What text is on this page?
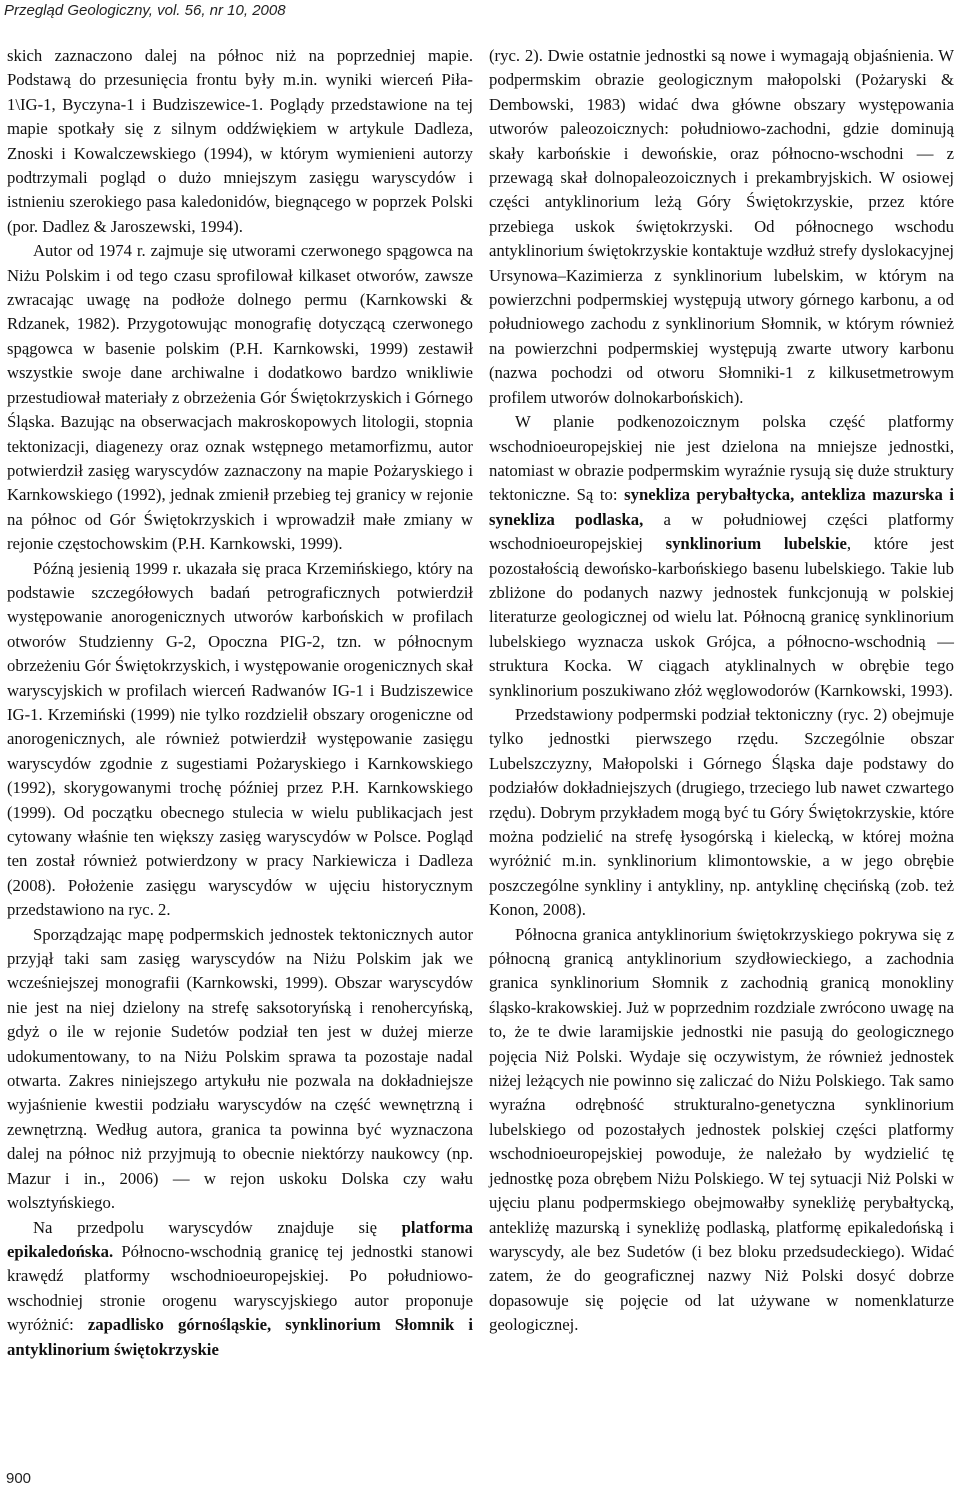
Przegląd Geologiczny, vol. 56, nr 10, 2008

skich zaznaczono dalej na północ niż na poprzedniej mapie. Podstawą do przesunięcia frontu były m.in. wyniki wierceń Piła-1\IG-1, Byczyna-1 i Budziszewice-1. Poglądy przedstawione na tej mapie spotkały się z silnym oddźwiękiem w artykule Dadleza, Znoski i Kowalczewskiego (1994), w którym wymienieni autorzy podtrzymali pogląd o dużo mniejszym zasięgu waryscydów i istnieniu szerokiego pasa kaledonidów, biegnącego w poprzek Polski (por. Dadlez & Jaroszewski, 1994).

Autor od 1974 r. zajmuje się utworami czerwonego spągowca na Niżu Polskim i od tego czasu sprofilował kilkaset otworów, zawsze zwracając uwagę na podłoże dolnego permu (Karnkowski & Rdzanek, 1982). Przygotowując monografię dotyczącą czerwonego spągowca w basenie polskim (P.H. Karnkowski, 1999) zestawił wszystkie swoje dane archiwalne i dodatkowo bardzo wnikliwie przestudiował materiały z obrzeżenia Gór Świętokrzyskich i Górnego Śląska. Bazując na obserwacjach makroskopowych litologii, stopnia tektonizacji, diagenezy oraz oznak wstępnego metamorfizmu, autor potwierdził zasięg waryscydów zaznaczony na mapie Pożaryskiego i Karnkowskiego (1992), jednak zmienił przebieg tej granicy w rejonie na północ od Gór Świętokrzyskich i wprowadził małe zmiany w rejonie częstochowskim (P.H. Karnkowski, 1999).

Późną jesienią 1999 r. ukazała się praca Krzemińskiego, który na podstawie szczegółowych badań petrograficznych potwierdził występowanie anorogenicznych utworów karbońskich w profilach otworów Studzienny G-2, Opoczna PIG-2, tzn. w północnym obrzeżeniu Gór Świętokrzyskich, i występowanie orogenicznych skał waryscyjskich w profilach wierceń Radwanów IG-1 i Budziszewice IG-1. Krzemiński (1999) nie tylko rozdzielił obszary orogeniczne od anorogenicznych, ale również potwierdził występowanie zasięgu waryscydów zgodnie z sugestiami Pożaryskiego i Karnkowskiego (1992), skorygowanymi trochę później przez P.H. Karnkowskiego (1999). Od początku obecnego stulecia w wielu publikacjach jest cytowany właśnie ten większy zasięg waryscydów w Polsce. Pogląd ten został również potwierdzony w pracy Narkiewicza i Dadleza (2008). Położenie zasięgu waryscydów w ujęciu historycznym przedstawiono na ryc. 2.

Sporządzając mapę podpermskich jednostek tektonicznych autor przyjął taki sam zasięg waryscydów na Niżu Polskim jak we wcześniejszej monografii (Karnkowski, 1999). Obszar waryscydów nie jest na niej dzielony na strefę saksotoryńską i renohercyńską, gdyż o ile w rejonie Sudetów podział ten jest w dużej mierze udokumentowany, to na Niżu Polskim sprawa ta pozostaje nadal otwarta. Zakres niniejszego artykułu nie pozwala na dokładniejsze wyjaśnienie kwestii podziału waryscydów na część wewnętrzną i zewnętrzną. Według autora, granica ta powinna być wyznaczona dalej na północ niż przyjmują to obecnie niektórzy naukowcy (np. Mazur i in., 2006) — w rejon uskoku Dolska czy wału wolsztyńskiego.

Na przedpolu waryscydów znajduje się platforma epikaledońska. Północno-wschodnią granicę tej jednostki stanowi krawędź platformy wschodnioeuropejskiej. Po południowo-wschodniej stronie orogenu waryscyjskiego autor proponuje wyróżnić: zapadlisko górnośląskie, synklinorium Słomnik i antyklinorium świętokrzyskie

(ryc. 2). Dwie ostatnie jednostki są nowe i wymagają objaśnienia. W podpermskim obrazie geologicznym małopolski (Pożaryski & Dembowski, 1983) widać dwa główne obszary występowania utworów paleozoicznych: południowo-zachodni, gdzie dominują skały karbońskie i dewońskie, oraz północno-wschodni — z przewagą skał dolnopaleozoicznych i prekambryjskich. W osiowej części antyklinorium leżą Góry Świętokrzyskie, przez które przebiega uskok świętokrzyski. Od północnego wschodu antyklinorium świętokrzyskie kontaktuje wzdłuż strefy dyslokacyjnej Ursynowa–Kazimierza z synklinorium lubelskim, w którym na powierzchni podpermskiej występują utwory górnego karbonu, a od południowego zachodu z synklinorium Słomnik, w którym również na powierzchni podpermskiej występują zwarte utwory karbonu (nazwa pochodzi od otworu Słomniki-1 z kilkusetmetrowym profilem utworów dolnokarbońskich).

W planie podkenozoicznym polska część platformy wschodnioeuropejskiej nie jest dzielona na mniejsze jednostki, natomiast w obrazie podpermskim wyraźnie rysują się duże struktury tektoniczne. Są to: synekliza perybałtycka, antekliza mazurska i synekliza podlaska, a w południowej części platformy wschodnioeuropejskiej synklinorium lubelskie, które jest pozostałością dewońsko-karbońskiego basenu lubelskiego. Takie lub zbliżone do podanych nazwy jednostek funkcjonują w polskiej literaturze geologicznej od wielu lat. Północną granicę synklinorium lubelskiego wyznacza uskok Grójca, a północno-wschodnią — struktura Kocka. W ciągach atyklinalnych w obrębie tego synklinorium poszukiwano złóż węglowodorów (Karnkowski, 1993).

Przedstawiony podpermski podział tektoniczny (ryc. 2) obejmuje tylko jednostki pierwszego rzędu. Szczególnie obszar Lubelszczyzny, Małopolski i Górnego Śląska daje podstawy do podziałów dokładniejszych (drugiego, trzeciego lub nawet czwartego rzędu). Dobrym przykładem mogą być tu Góry Świętokrzyskie, które można podzielić na strefę łysogórską i kielecką, w której można wyróżnić m.in. synklinorium klimontowskie, a w jego obrębie poszczególne synkliny i antykliny, np. antyklinę chęcińską (zob. też Konon, 2008).

Północna granica antyklinorium świętokrzyskiego pokrywa się z północną granicą antyklinorium szydłowieckiego, a zachodnia granica synklinorium Słomnik z zachodnią granicą monokliny śląsko-krakowskiej. Już w poprzednim rozdziale zwrócono uwagę na to, że te dwie laramijskie jednostki nie pasują do geologicznego pojęcia Niż Polski. Wydaje się oczywistym, że również jednostek niżej leżących nie powinno się zaliczać do Niżu Polskiego. Tak samo wyraźna odrębność strukturalno-genetyczna synklinorium lubelskiego od pozostałych jednostek polskiej części platformy wschodnioeuropejskiej powoduje, że należało by wydzielić tę jednostkę poza obrębem Niżu Polskiego. W tej sytuacji Niż Polski w ujęciu planu podpermskiego obejmowałby synekliżę perybałtycką, antekliżę mazurską i synekliżę podlaską, platformę epikaledońską i waryscydy, ale bez Sudetów (i bez bloku przedsudeckiego). Widać zatem, że do geograficznej nazwy Niż Polski dosyć dobrze dopasowuje się pojęcie od lat używane w nomenklaturze geologicznej.

900
